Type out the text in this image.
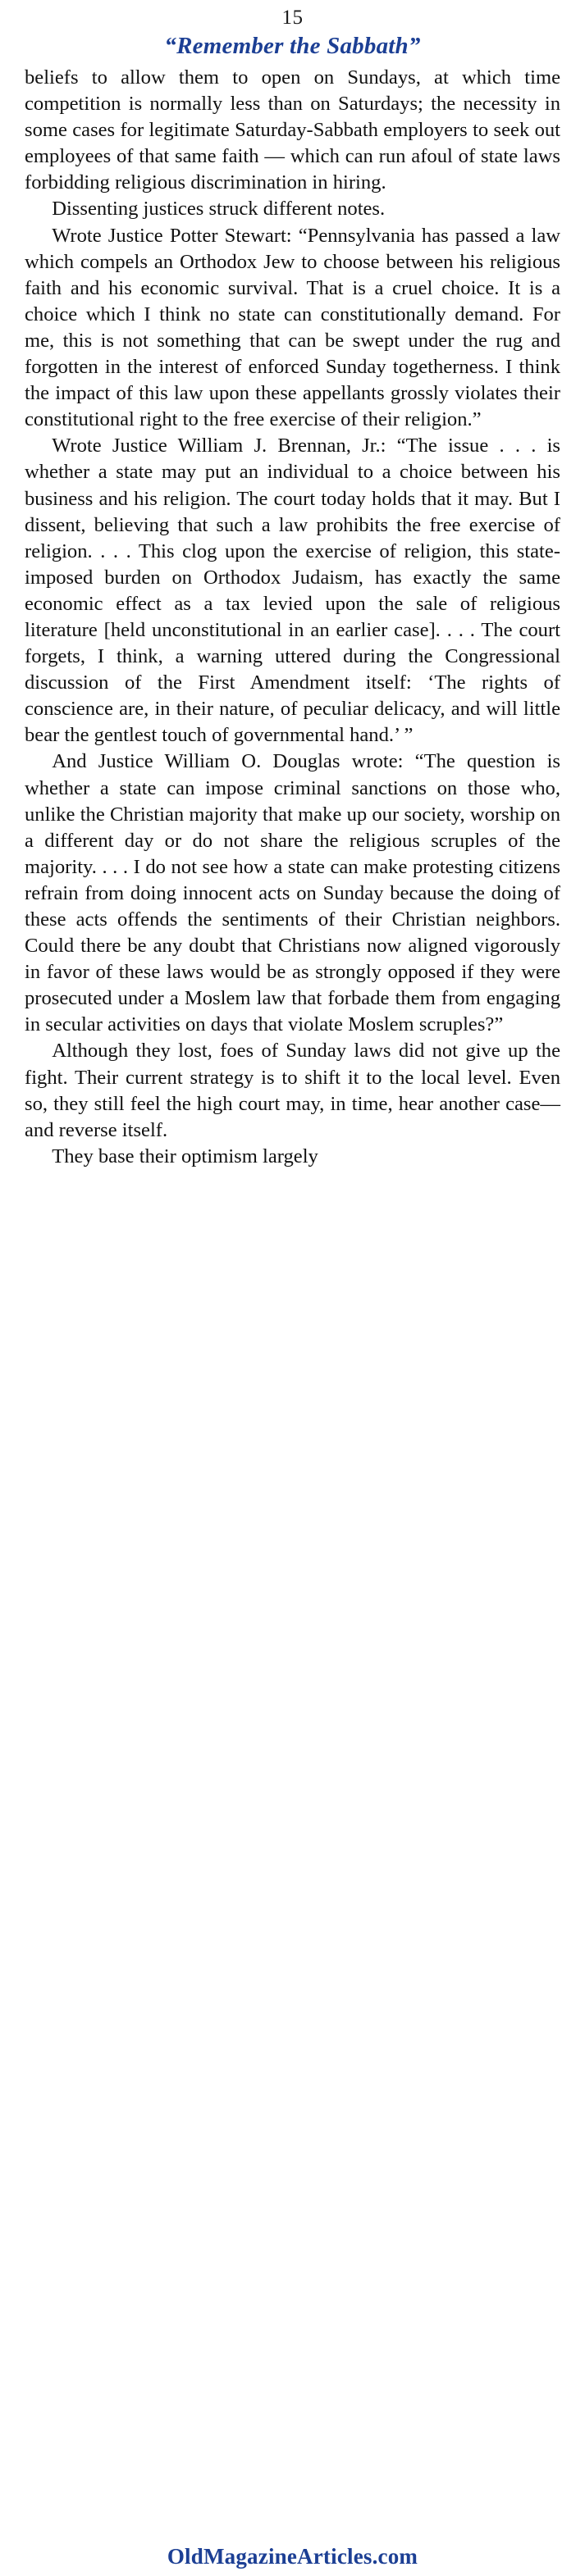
15
“Remember the Sabbath”

beliefs to allow them to open on Sundays, at which time competition is normally less than on Saturdays; the necessity in some cases for legitimate Saturday-Sabbath employers to seek out employees of that same faith — which can run afoul of state laws forbidding religious discrimination in hiring.

Dissenting justices struck different notes.

Wrote Justice Potter Stewart: “Pennsylvania has passed a law which compels an Orthodox Jew to choose between his religious faith and his economic survival. That is a cruel choice. It is a choice which I think no state can constitutionally demand. For me, this is not something that can be swept under the rug and forgotten in the interest of enforced Sunday togetherness. I think the impact of this law upon these appellants grossly violates their constitutional right to the free exercise of their religion.”

Wrote Justice William J. Brennan, Jr.: “The issue . . . is whether a state may put an individual to a choice between his business and his religion. The court today holds that it may. But I dissent, believing that such a law prohibits the free exercise of religion. . . . This clog upon the exercise of religion, this state-imposed burden on Orthodox Judaism, has exactly the same economic effect as a tax levied upon the sale of religious literature [held unconstitutional in an earlier case]. . . . The court forgets, I think, a warning uttered during the Congressional discussion of the First Amendment itself: ‘The rights of conscience are, in their nature, of peculiar delicacy, and will little bear the gentlest touch of governmental hand.’ ”

And Justice William O. Douglas wrote: “The question is whether a state can impose criminal sanctions on those who, unlike the Christian majority that make up our society, worship on a different day or do not share the religious scruples of the majority. . . . I do not see how a state can make protesting citizens refrain from doing innocent acts on Sunday because the doing of these acts offends the sentiments of their Christian neighbors. Could there be any doubt that Christians now aligned vigorously in favor of these laws would be as strongly opposed if they were prosecuted under a Moslem law that forbade them from engaging in secular activities on days that violate Moslem scruples?”

Although they lost, foes of Sunday laws did not give up the fight. Their current strategy is to shift it to the local level. Even so, they still feel the high court may, in time, hear another case—and reverse itself.

They base their optimism largely

OldMagazineArticles.com
